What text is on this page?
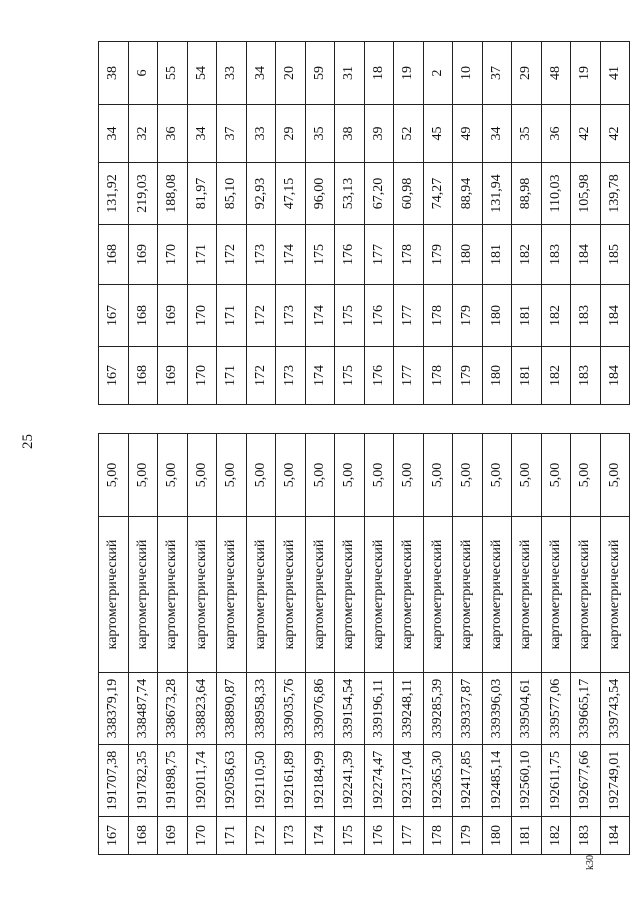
25
167	191707,38	338379,19	картометрический	5,00
168	191782,35	338487,74	картометрический	5,00
169	191898,75	338673,28	картометрический	5,00
170	192011,74	338823,64	картометрический	5,00
171	192058,63	338890,87	картометрический	5,00
172	192110,50	338958,33	картометрический	5,00
173	192161,89	339035,76	картометрический	5,00
174	192184,99	339076,86	картометрический	5,00
175	192241,39	339154,54	картометрический	5,00
176	192274,47	339196,11	картометрический	5,00
177	192317,04	339248,11	картометрический	5,00
178	192365,30	339285,39	картометрический	5,00
179	192417,85	339337,87	картометрический	5,00
180	192485,14	339396,03	картометрический	5,00
181	192560,10	339504,61	картометрический	5,00
182	192611,75	339577,06	картометрический	5,00
183	192677,66	339665,17	картометрический	5,00
184	192749,01	339743,54	картометрический	5,00
167	167	168	131,92	34	38
168	168	169	219,03	32	6
169	169	170	188,08	36	55
170	170	171	81,97	34	54
171	171	172	85,10	37	33
172	172	173	92,93	33	34
173	173	174	47,15	29	20
174	174	175	96,00	35	59
175	175	176	53,13	38	31
176	176	177	67,20	39	18
177	177	178	60,98	52	19
178	178	179	74,27	45	2
179	179	180	88,94	49	10
180	180	181	131,94	34	37
181	181	182	88,98	35	29
182	182	183	110,03	36	48
183	183	184	105,98	42	19
184	184	185	139,78	42	41
